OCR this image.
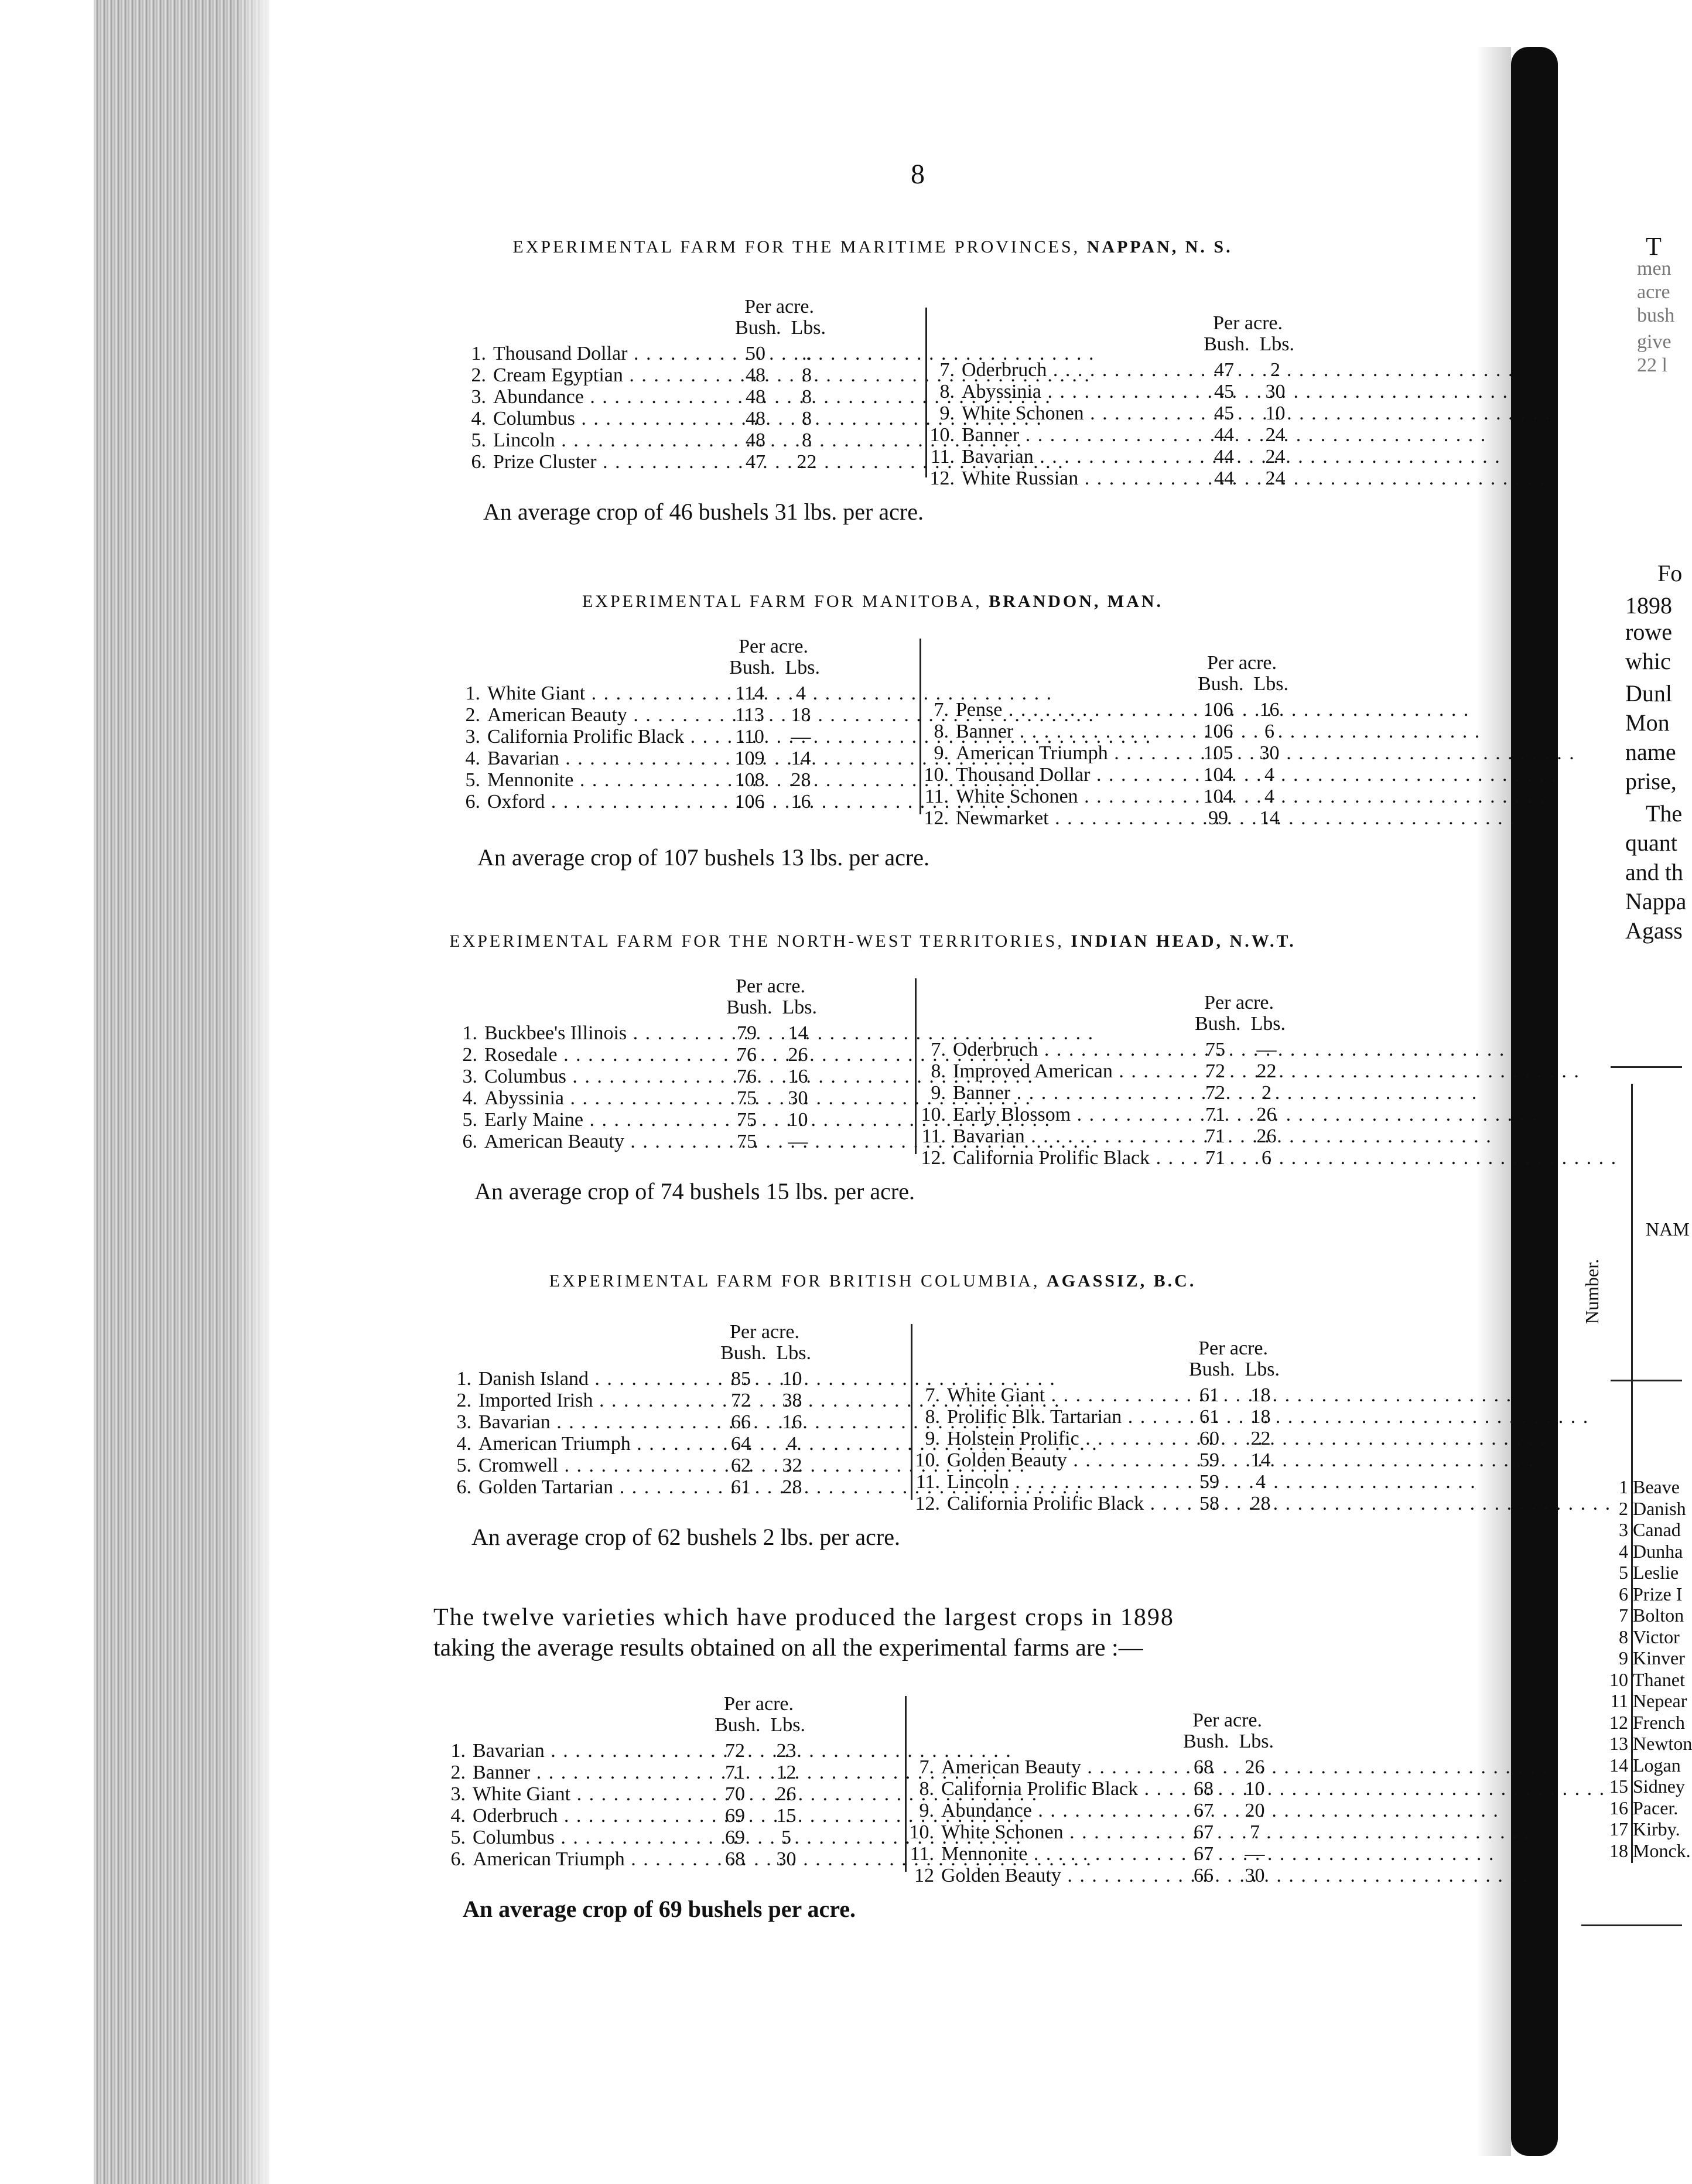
8
EXPERIMENTAL FARM FOR THE MARITIME PROVINCES, NAPPAN, N. S.
Per acre.
Bush.  Lbs.
1. Thousand Dollar . . .	50	..
2. Cream Egyptian . . .	48	8
3. Abundance . . .	48	8
4. Columbus . . .	48	8
5. Lincoln . . .	48	8
6. Prize Cluster . . .	47	22
Per acre.
Bush.  Lbs.
7. Oderbruch . . .	47	2
8. Abyssinia . . .	45	30
9. White Schonen . . .	45	10
10. Banner . . .	44	24
11. Bavarian . . .	44	24
12. White Russian . . .	44	24
An average crop of 46 bushels 31 lbs. per acre.
EXPERIMENTAL FARM FOR MANITOBA, BRANDON, MAN.
Per acre.
Bush.  Lbs.
1. White Giant . . .	114	4
2. American Beauty . . .	113	18
3. California Prolific Black . . .	110	—
4. Bavarian . . .	109	14
5. Mennonite . . .	108	28
6. Oxford . . .	106	16
Per acre.
Bush.  Lbs.
7. Pense . . .	106	16
8. Banner . . .	106	6
9. American Triumph . . .	105	30
10. Thousand Dollar . . .	104	4
11. White Schonen . . .	104	4
12. Newmarket . . .	99	14
An average crop of 107 bushels 13 lbs. per acre.
EXPERIMENTAL FARM FOR THE NORTH-WEST TERRITORIES, INDIAN HEAD, N.W.T.
Per acre.
Bush.  Lbs.
1. Buckbee's Illinois . . .	79	14
2. Rosedale . . .	76	26
3. Columbus . . .	76	16
4. Abyssinia . . .	75	30
5. Early Maine . . .	75	10
6. American Beauty . . .	75	—
Per acre.
Bush.  Lbs.
7. Oderbruch . . .	75	—
8. Improved American . . .	72	22
9. Banner . . .	72	2
10. Early Blossom . . .	71	26
11. Bavarian . . .	71	26
12. California Prolific Black . . .	71	6
An average crop of 74 bushels 15 lbs. per acre.
EXPERIMENTAL FARM FOR BRITISH COLUMBIA, AGASSIZ, B.C.
Per acre.
Bush.  Lbs.
1. Danish Island . . .	85	10
2. Imported Irish . . .	72	38
3. Bavarian . . .	66	16
4. American Triumph . . .	64	4
5. Cromwell . . .	62	32
6. Golden Tartarian . . .	61	28
Per acre.
Bush.  Lbs.
7. White Giant . . .	61	18
8. Prolific Blk. Tartarian . . .	61	18
9. Holstein Prolific . . .	60	22
10. Golden Beauty . . .	59	14
11. Lincoln . . .	59	4
12. California Prolific Black . . .	58	28
An average crop of 62 bushels 2 lbs. per acre.
The twelve varieties which have produced the largest crops in 1898
taking the average results obtained on all the experimental farms are :—
Per acre.
Bush.  Lbs.
1. Bavarian . . .	72	23
2. Banner . . .	71	12
3. White Giant . . .	70	26
4. Oderbruch . . .	69	15
5. Columbus . . .	69	5
6. American Triumph . . .	68	30
Per acre.
Bush.  Lbs.
7. American Beauty . . .	68	26
8. California Prolific Black . . .	68	10
9. Abundance . . .	67	20
10. White Schonen . . .	67	7
11. Mennonite . . .	67	—
12 Golden Beauty . . .	66	30
An average crop of 69 bushels per acre.
T
men
acre
bush
give
22 l
Fo
1898
rowe
whic
Dunl
Mon
name
prise,
The
quant
and th
Nappa
Agass
NAM
Number.
1 Beave
2 Danish
3 Canad
4 Dunha
5 Leslie
6 Prize I
7 Bolton
8 Victor
9 Kinver
10 Thanet
11 Nepear
12 French
13 Newton
14 Logan
15 Sidney
16 Pacer.
17 Kirby.
18 Monck.
